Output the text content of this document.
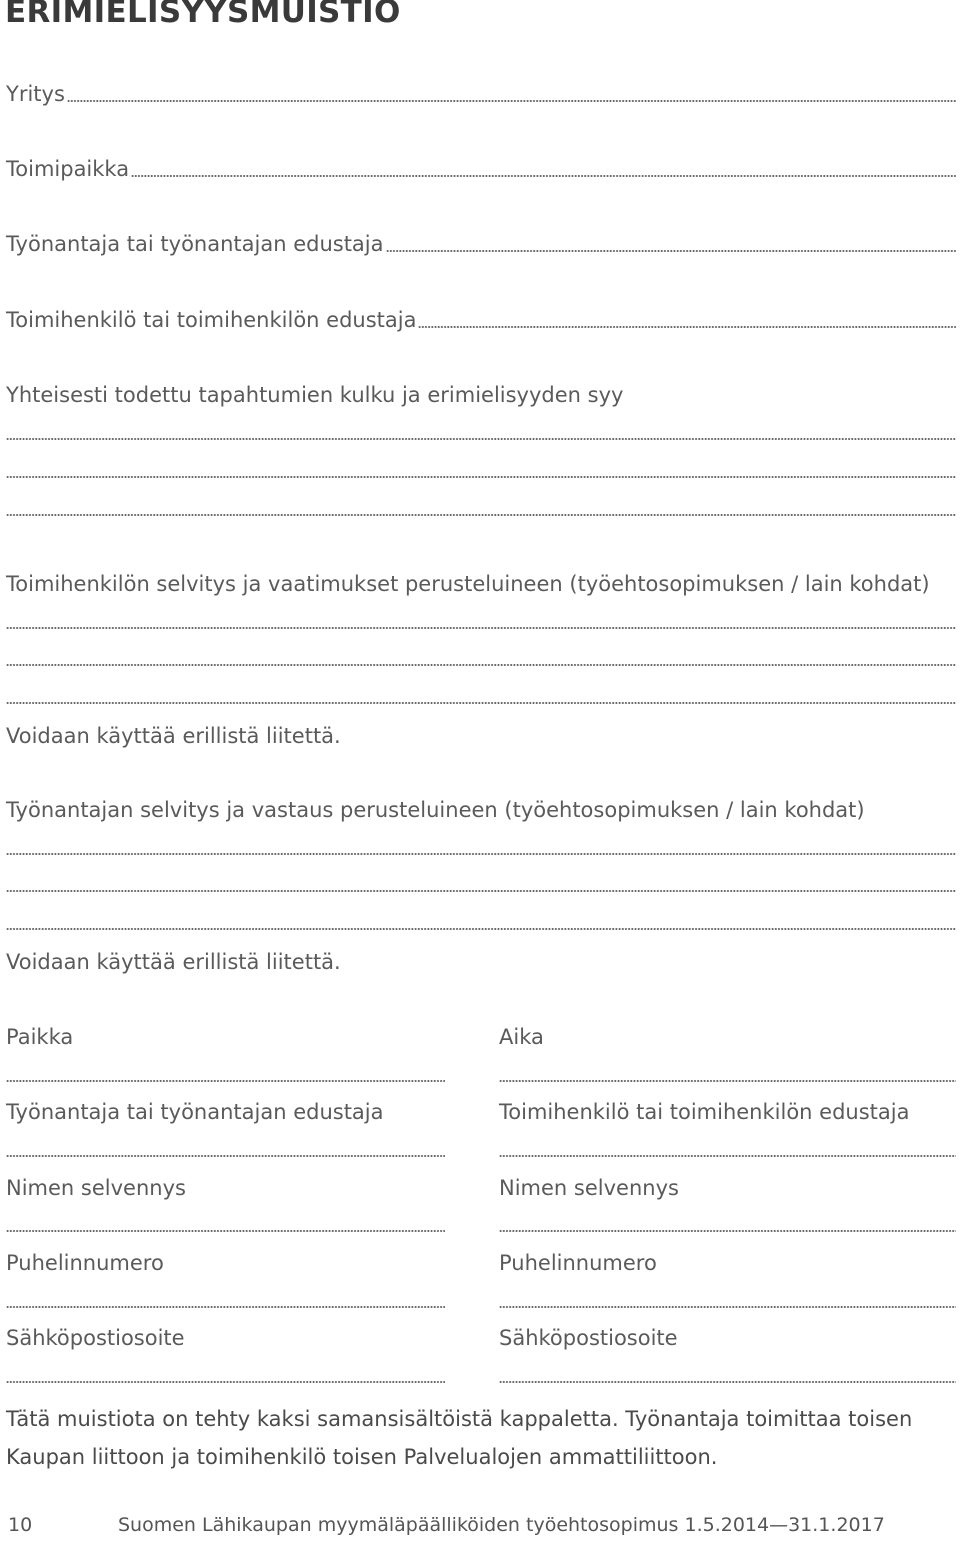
ERIMIELISYYSMUISTIO
Yritys
Toimipaikka
Työnantaja tai työnantajan edustaja
Toimihenkilö tai toimihenkilön edustaja
Yhteisesti todettu tapahtumien kulku ja erimielisyyden syy
Toimihenkilön selvitys ja vaatimukset perusteluineen (työehtosopimuksen / lain kohdat)
Voidaan käyttää erillistä liitettä.
Työnantajan selvitys ja vastaus perusteluineen (työehtosopimuksen / lain kohdat)
Voidaan käyttää erillistä liitettä.
Paikka
Työnantaja tai työnantajan edustaja
Nimen selvennys
Puhelinnumero
Sähköpostiosoite
Aika
Toimihenkilö tai toimihenkilön edustaja
Nimen selvennys
Puhelinnumero
Sähköpostiosoite
Tätä muistiota on tehty kaksi samansisältöistä kappaletta. Työnantaja toimittaa toisen Kaupan liittoon ja toimihenkilö toisen Palvelualojen ammattiliittoon.
10	Suomen Lähikaupan myymäläpäälliköiden työehtosopimus 1.5.2014—31.1.2017
